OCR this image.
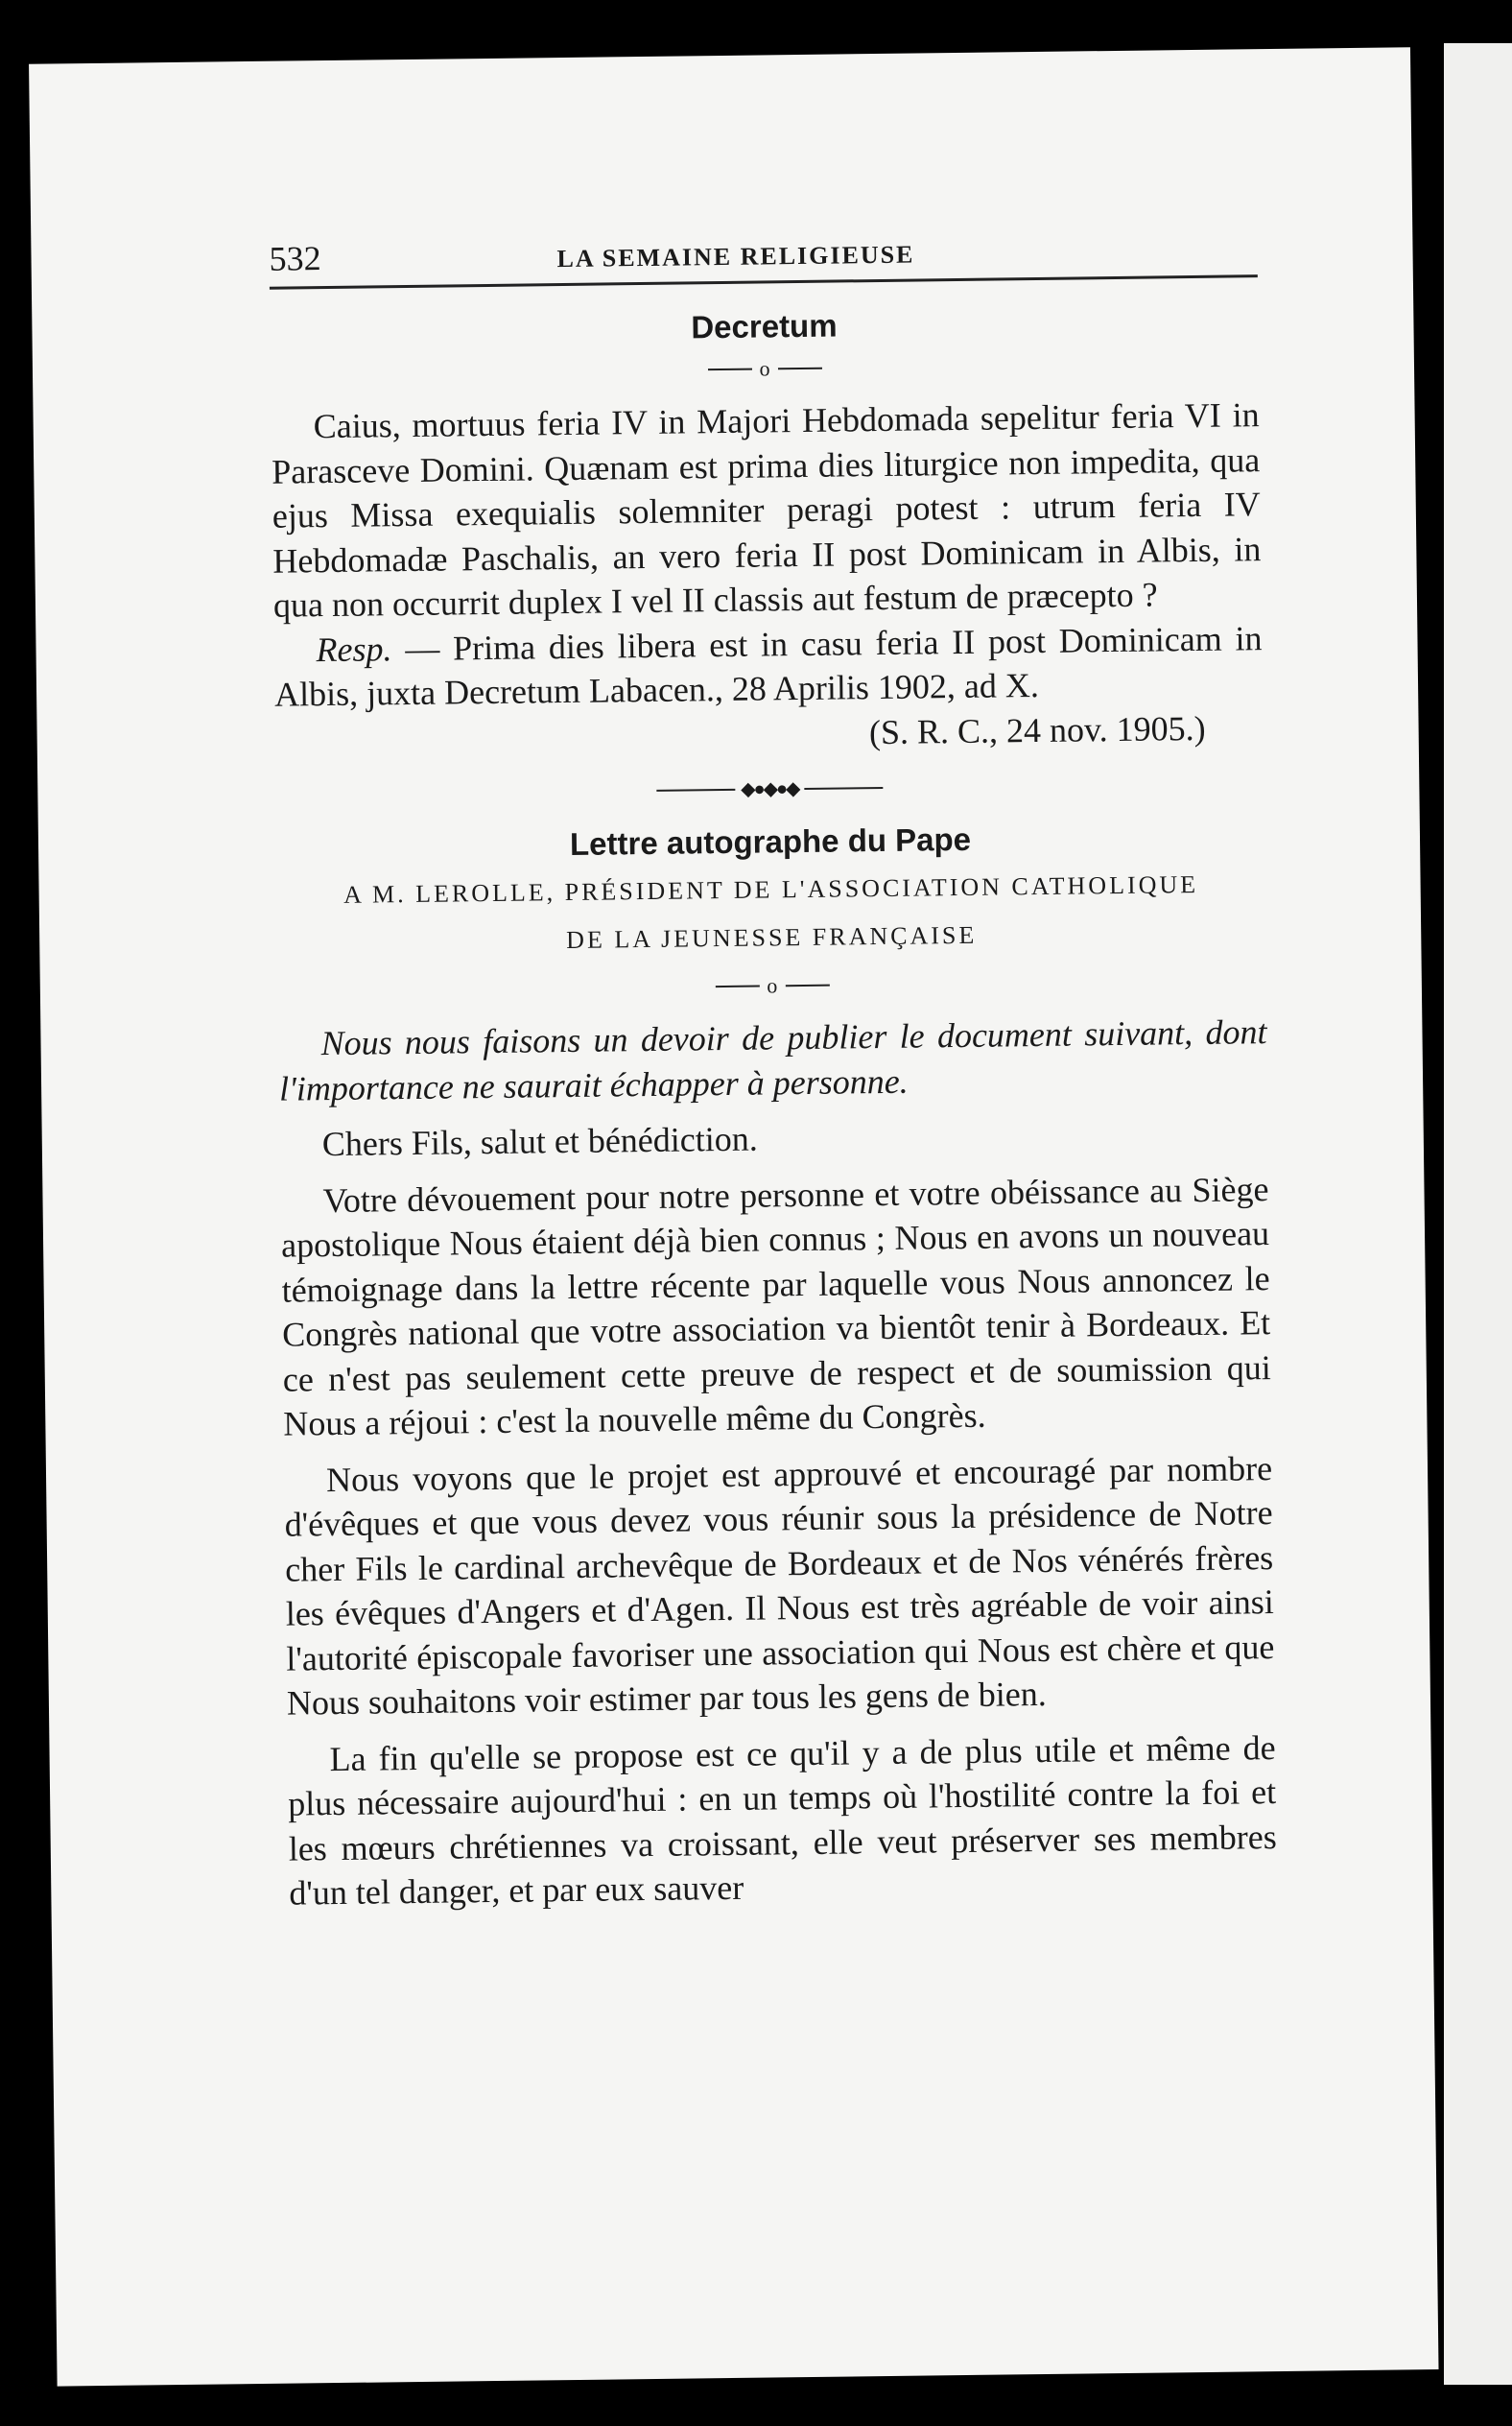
532	LA SEMAINE RELIGIEUSE
Decretum
o

Caius, mortuus feria IV in Majori Hebdomada sepelitur feria VI in Parasceve Domini. Quænam est prima dies liturgice non impedita, qua ejus Missa exequialis solemniter peragi potest : utrum feria IV Hebdomadæ Paschalis, an vero feria II post Dominicam in Albis, in qua non occurrit duplex I vel II classis aut festum de præcepto ?

Resp. — Prima dies libera est in casu feria II post Dominicam in Albis, juxta Decretum Labacen., 28 Aprilis 1902, ad X.

(S. R. C., 24 nov. 1905.)

◆●◆●◆
Lettre autographe du Pape
A M. LEROLLE, PRÉSIDENT DE L'ASSOCIATION CATHOLIQUE
DE LA JEUNESSE FRANÇAISE
o

Nous nous faisons un devoir de publier le document suivant, dont l'importance ne saurait échapper à personne.

Chers Fils, salut et bénédiction.

Votre dévouement pour notre personne et votre obéissance au Siège apostolique Nous étaient déjà bien connus ; Nous en avons un nouveau témoignage dans la lettre récente par laquelle vous Nous annoncez le Congrès national que votre association va bientôt tenir à Bordeaux. Et ce n'est pas seulement cette preuve de respect et de soumission qui Nous a réjoui : c'est la nouvelle même du Congrès.

Nous voyons que le projet est approuvé et encouragé par nombre d'évêques et que vous devez vous réunir sous la présidence de Notre cher Fils le cardinal archevêque de Bordeaux et de Nos vénérés frères les évêques d'Angers et d'Agen. Il Nous est très agréable de voir ainsi l'autorité épiscopale favoriser une association qui Nous est chère et que Nous souhaitons voir estimer par tous les gens de bien.

La fin qu'elle se propose est ce qu'il y a de plus utile et même de plus nécessaire aujourd'hui : en un temps où l'hostilité contre la foi et les mœurs chrétiennes va croissant, elle veut préserver ses membres d'un tel danger, et par eux sauver
